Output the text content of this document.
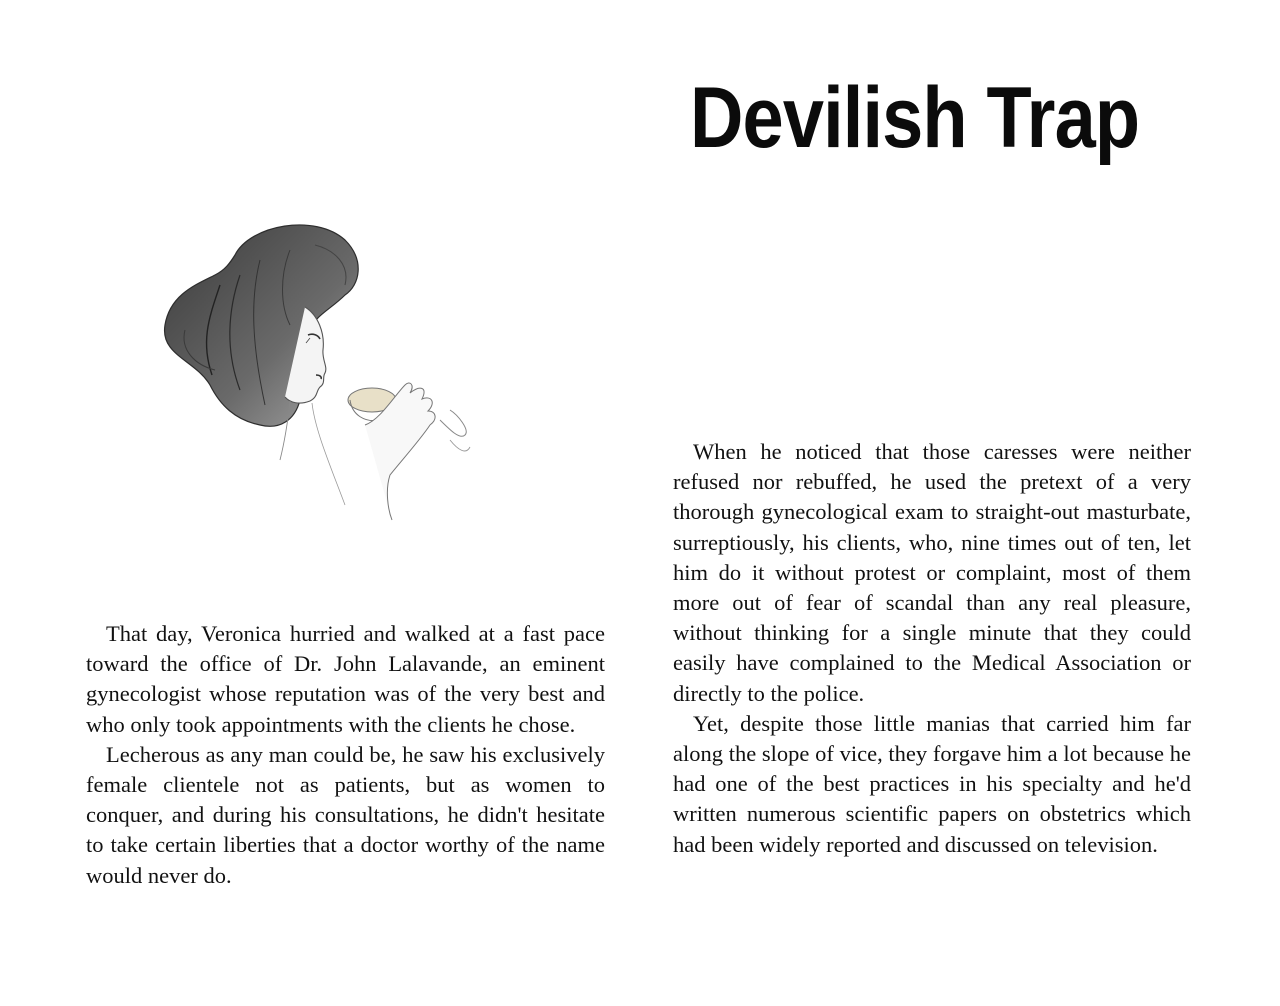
Devilish Trap

That day, Veronica hurried and walked at a fast pace toward the office of Dr. John Lalavande, an eminent gynecologist whose reputation was of the very best and who only took appointments with the clients he chose.

Lecherous as any man could be, he saw his exclusively female clientele not as patients, but as women to conquer, and during his consultations, he didn't hesitate to take certain liberties that a doctor worthy of the name would never do.

When he noticed that those caresses were neither refused nor rebuffed, he used the pretext of a very thorough gynecological exam to straight-out masturbate, surreptiously, his clients, who, nine times out of ten, let him do it without protest or complaint, most of them more out of fear of scandal than any real pleasure, without thinking for a single minute that they could easily have complained to the Medical Association or directly to the police.

Yet, despite those little manias that carried him far along the slope of vice, they forgave him a lot because he had one of the best practices in his specialty and he'd written numerous scientific papers on obstetrics which had been widely reported and discussed on television.
